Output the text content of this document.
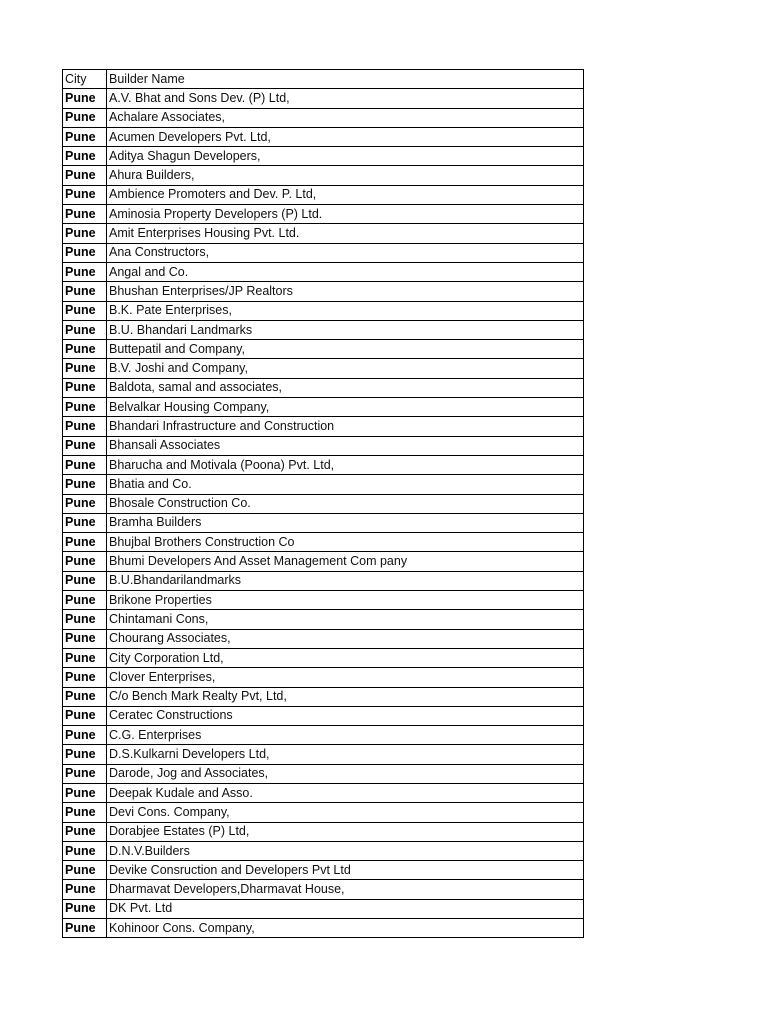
City	Builder Name
Pune	A.V. Bhat and Sons Dev. (P) Ltd,
Pune	Achalare Associates,
Pune	Acumen Developers Pvt. Ltd,
Pune	Aditya Shagun Developers,
Pune	Ahura Builders,
Pune	Ambience Promoters and Dev. P. Ltd,
Pune	Aminosia Property Developers (P) Ltd.
Pune	Amit Enterprises Housing Pvt. Ltd.
Pune	Ana Constructors,
Pune	Angal and Co.
Pune	Bhushan Enterprises/JP Realtors
Pune	B.K. Pate Enterprises,
Pune	B.U. Bhandari Landmarks
Pune	Buttepatil and Company,
Pune	B.V. Joshi and Company,
Pune	Baldota, samal and associates,
Pune	Belvalkar Housing Company,
Pune	Bhandari Infrastructure and Construction
Pune	Bhansali Associates
Pune	Bharucha and Motivala (Poona) Pvt. Ltd,
Pune	Bhatia and Co.
Pune	Bhosale Construction Co.
Pune	Bramha Builders
Pune	Bhujbal Brothers Construction Co
Pune	Bhumi Developers And Asset Management Com pany
Pune	B.U.Bhandarilandmarks
Pune	Brikone Properties
Pune	Chintamani Cons,
Pune	Chourang Associates,
Pune	City Corporation Ltd,
Pune	Clover Enterprises,
Pune	C/o Bench Mark Realty Pvt, Ltd,
Pune	Ceratec Constructions
Pune	C.G. Enterprises
Pune	D.S.Kulkarni Developers Ltd,
Pune	Darode, Jog and Associates,
Pune	Deepak Kudale and Asso.
Pune	Devi Cons. Company,
Pune	Dorabjee Estates (P) Ltd,
Pune	D.N.V.Builders
Pune	Devike Consruction and Developers Pvt Ltd
Pune	Dharmavat Developers,Dharmavat House,
Pune	DK Pvt. Ltd
Pune	Kohinoor Cons. Company,
